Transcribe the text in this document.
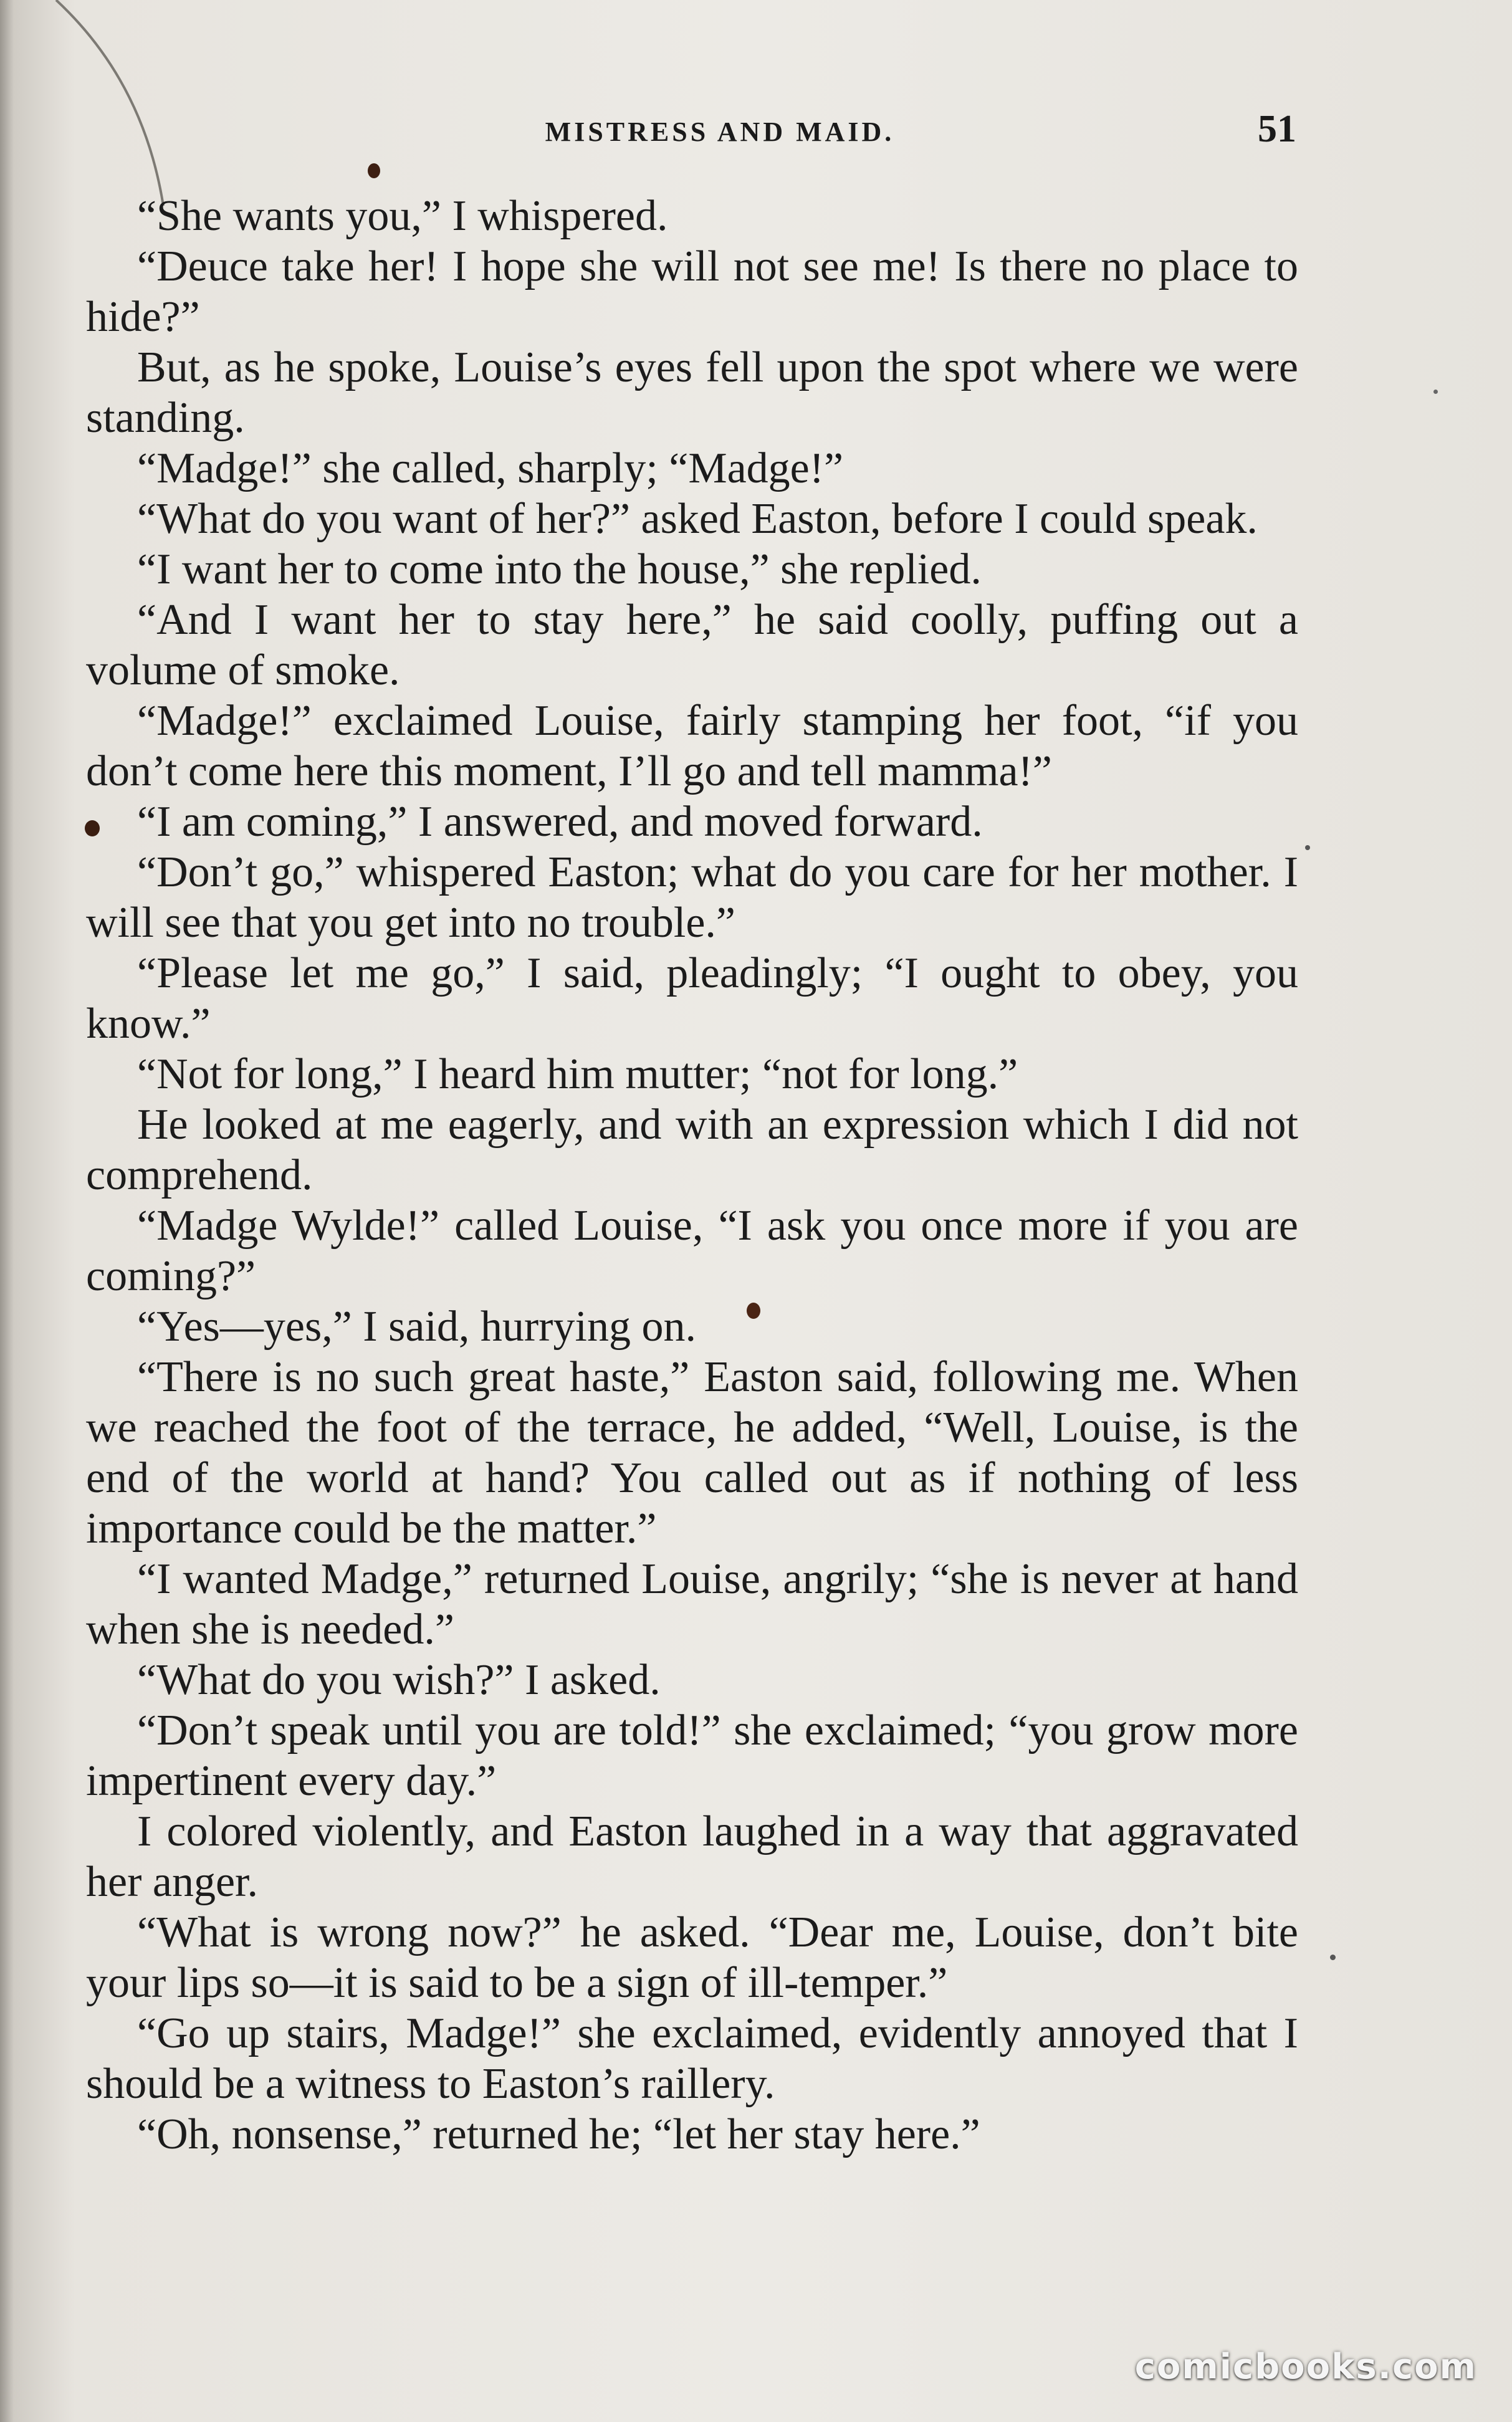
MISTRESS AND MAID.	51

“She wants you,” I whispered.

“Deuce take her! I hope she will not see me! Is there no place to hide?”

But, as he spoke, Louise’s eyes fell upon the spot where we were standing.

“Madge!” she called, sharply; “Madge!”

“What do you want of her?” asked Easton, before I could speak.

“I want her to come into the house,” she replied.

“And I want her to stay here,” he said coolly, puffing out a volume of smoke.

“Madge!” exclaimed Louise, fairly stamping her foot, “if you don’t come here this moment, I’ll go and tell mamma!”

“I am coming,” I answered, and moved forward.

“Don’t go,” whispered Easton; what do you care for her mother. I will see that you get into no trouble.”

“Please let me go,” I said, pleadingly; “I ought to obey, you know.”

“Not for long,” I heard him mutter; “not for long.”

He looked at me eagerly, and with an expression which I did not comprehend.

“Madge Wylde!” called Louise, “I ask you once more if you are coming?”

“Yes—yes,” I said, hurrying on.

“There is no such great haste,” Easton said, following me. When we reached the foot of the terrace, he added, “Well, Louise, is the end of the world at hand? You called out as if nothing of less importance could be the matter.”

“I wanted Madge,” returned Louise, angrily; “she is never at hand when she is needed.”

“What do you wish?” I asked.

“Don’t speak until you are told!” she exclaimed; “you grow more impertinent every day.”

I colored violently, and Easton laughed in a way that aggravated her anger.

“What is wrong now?” he asked. “Dear me, Louise, don’t bite your lips so—it is said to be a sign of ill-temper.”

“Go up stairs, Madge!” she exclaimed, evidently annoyed that I should be a witness to Easton’s raillery.

“Oh, nonsense,” returned he; “let her stay here.”

comicbooks.com
